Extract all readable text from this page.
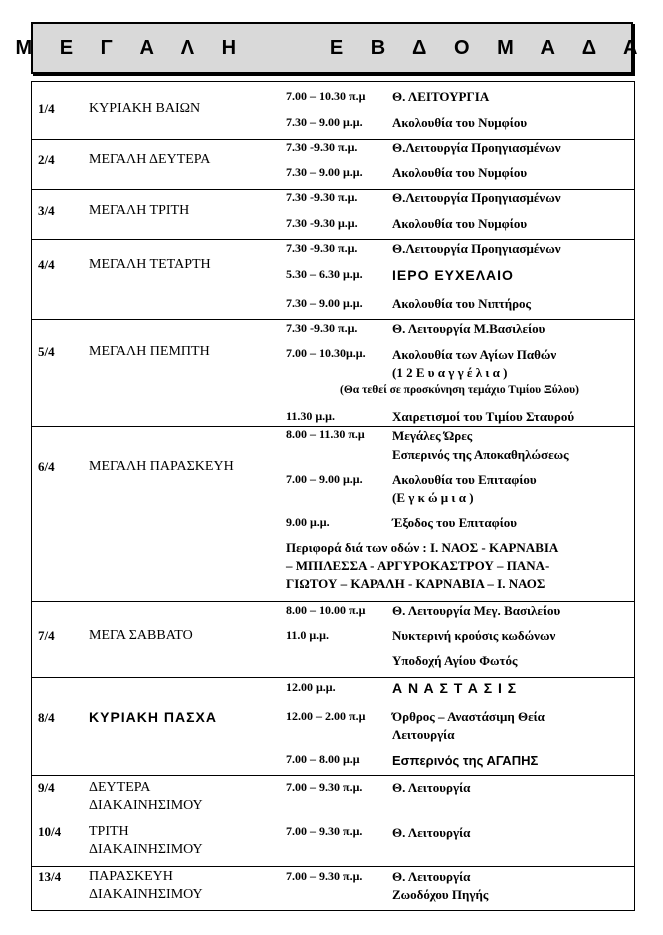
Μ Ε Γ Α Λ Η     Ε Β Δ Ο Μ Α Δ Α
1/4 ΚΥΡΙΑΚΗ ΒΑΙΩΝ
7.00 – 10.30 π.μ Θ. ΛΕΙΤΟΥΡΓΙΑ
7.30 – 9.00 μ.μ. Ακολουθία του Νυμφίου
2/4 ΜΕΓΑΛΗ ΔΕΥΤΕΡΑ
7.30 -9.30 π.μ.	Θ.Λειτουργία Προηγιασμένων
7.30 – 9.00 μ.μ. Ακολουθία του Νυμφίου
3/4 ΜΕΓΑΛΗ ΤΡΙΤΗ
7.30 -9.30 π.μ.	Θ.Λειτουργία Προηγιασμένων
7.30 -9.30 μ.μ.	Ακολουθία του Νυμφίου
4/4 ΜΕΓΑΛΗ ΤΕΤΑΡΤΗ
7.30 -9.30 π.μ.	Θ.Λειτουργία Προηγιασμένων
5.30 – 6.30 μ.μ. ΙΕΡΟ ΕΥΧΕΛΑΙΟ
7.30 – 9.00 μ.μ. Ακολουθία του Νιπτήρος
5/4 ΜΕΓΑΛΗ ΠΕΜΠΤΗ
7.30 -9.30 π.μ.	Θ. Λειτουργία Μ.Βασιλείου
7.00 – 10.30μ.μ. Ακολουθία των Αγίων Παθών
(1 2 Ε υ α γ γ έ λ ι α )
(Θα τεθεί σε προσκύνηση τεμάχιο Τιμίου Ξύλου)
11.30 μ.μ.	Χαιρετισμοί του Τιμίου Σταυρού
6/4 ΜΕΓΑΛΗ ΠΑΡΑΣΚΕΥΗ
8.00 – 11.30 π.μ Μεγάλες Ώρες
Εσπερινός της Αποκαθηλώσεως
7.00 – 9.00 μ.μ. Ακολουθία του Επιταφίου
(Ε γ κ ώ μ ι α )
9.00 μ.μ.	Έξοδος του Επιταφίου
Περιφορά διά των οδών : Ι. ΝΑΟΣ - ΚΑΡΝΑΒΙΑ
– ΜΠΙΛΕΣΣΑ - ΑΡΓΥΡΟΚΑΣΤΡΟΥ – ΠΑΝΑ-
ΓΙΩΤΟΥ – ΚΑΡΑΛΗ - ΚΑΡΝΑΒΙΑ – Ι. ΝΑΟΣ
7/4 ΜΕΓΑ ΣΑΒΒΑΤΟ
8.00 – 10.00 π.μ Θ. Λειτουργία Μεγ. Βασιλείου
11.0 μ.μ.	Νυκτερινή κρούσις κωδώνων
Υποδοχή Αγίου Φωτός
8/4 ΚΥΡΙΑΚΗ ΠΑΣΧΑ
12.00 μ.μ.	Α Ν Α Σ Τ Α Σ Ι Σ
12.00 – 2.00 π.μ Όρθρος – Αναστάσιμη Θεία
Λειτουργία
7.00 – 8.00 μ.μ Εσπερινός της ΑΓΑΠΗΣ
9/4 ΔΕΥΤΕΡΑ
ΔΙΑΚΑΙΝΗΣΙΜΟΥ
7.00 – 9.30 π.μ. Θ. Λειτουργία
10/4 ΤΡΙΤΗ
ΔΙΑΚΑΙΝΗΣΙΜΟΥ
7.00 – 9.30 π.μ. Θ. Λειτουργία
13/4 ΠΑΡΑΣΚΕΥΗ
ΔΙΑΚΑΙΝΗΣΙΜΟΥ
7.00 – 9.30 π.μ. Θ. Λειτουργία
Ζωοδόχου Πηγής
